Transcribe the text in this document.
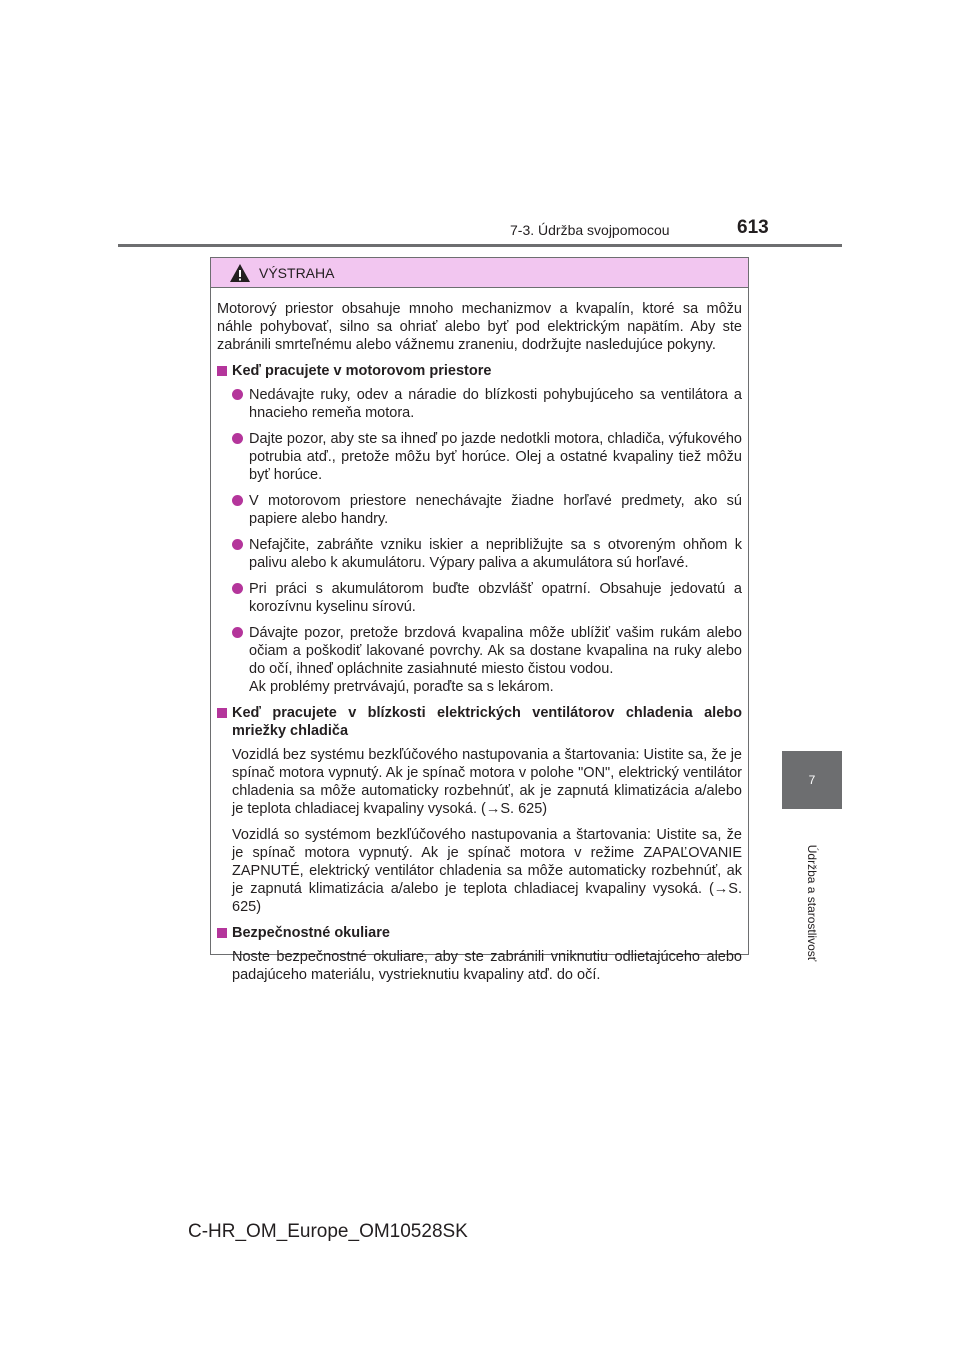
7-3. Údržba svojpomocou	613
7
Údržba a starostlivosť
VÝSTRAHA

Motorový priestor obsahuje mnoho mechanizmov a kvapalín, ktoré sa môžu náhle pohybovať, silno sa ohriať alebo byť pod elektrickým napätím. Aby ste zabránili smrteľnému alebo vážnemu zraneniu, dodržujte nasledujúce pokyny.

Keď pracujete v motorovom priestore

Nedávajte ruky, odev a náradie do blízkosti pohybujúceho sa ventilátora a hnacieho remeňa motora.

Dajte pozor, aby ste sa ihneď po jazde nedotkli motora, chladiča, výfukového potrubia atď., pretože môžu byť horúce. Olej a ostatné kvapaliny tiež môžu byť horúce.

V motorovom priestore nenechávajte žiadne horľavé predmety, ako sú papiere alebo handry.

Nefajčite, zabráňte vzniku iskier a nepribližujte sa s otvoreným ohňom k palivu alebo k akumulátoru. Výpary paliva a akumulátora sú horľavé.

Pri práci s akumulátorom buďte obzvlášť opatrní. Obsahuje jedovatú a korozívnu kyselinu sírovú.

Dávajte pozor, pretože brzdová kvapalina môže ublížiť vašim rukám alebo očiam a poškodiť lakované povrchy. Ak sa dostane kvapalina na ruky alebo do očí, ihneď opláchnite zasiahnuté miesto čistou vodou.
Ak problémy pretrvávajú, poraďte sa s lekárom.

Keď pracujete v blízkosti elektrických ventilátorov chladenia alebo mriežky chladiča

Vozidlá bez systému bezkľúčového nastupovania a štartovania: Uistite sa, že je spínač motora vypnutý. Ak je spínač motora v polohe "ON", elektrický ventilátor chladenia sa môže automaticky rozbehnúť, ak je zapnutá klimatizácia a/alebo je teplota chladiacej kvapaliny vysoká. (→S. 625)

Vozidlá so systémom bezkľúčového nastupovania a štartovania: Uistite sa, že je spínač motora vypnutý. Ak je spínač motora v režime ZAPAĽOVANIE ZAPNUTÉ, elektrický ventilátor chladenia sa môže automaticky rozbehnúť, ak je zapnutá klimatizácia a/alebo je teplota chladiacej kvapaliny vysoká. (→S. 625)

Bezpečnostné okuliare

Noste bezpečnostné okuliare, aby ste zabránili vniknutiu odlietajúceho alebo padajúceho materiálu, vystrieknutiu kvapaliny atď. do očí.

C-HR_OM_Europe_OM10528SK
